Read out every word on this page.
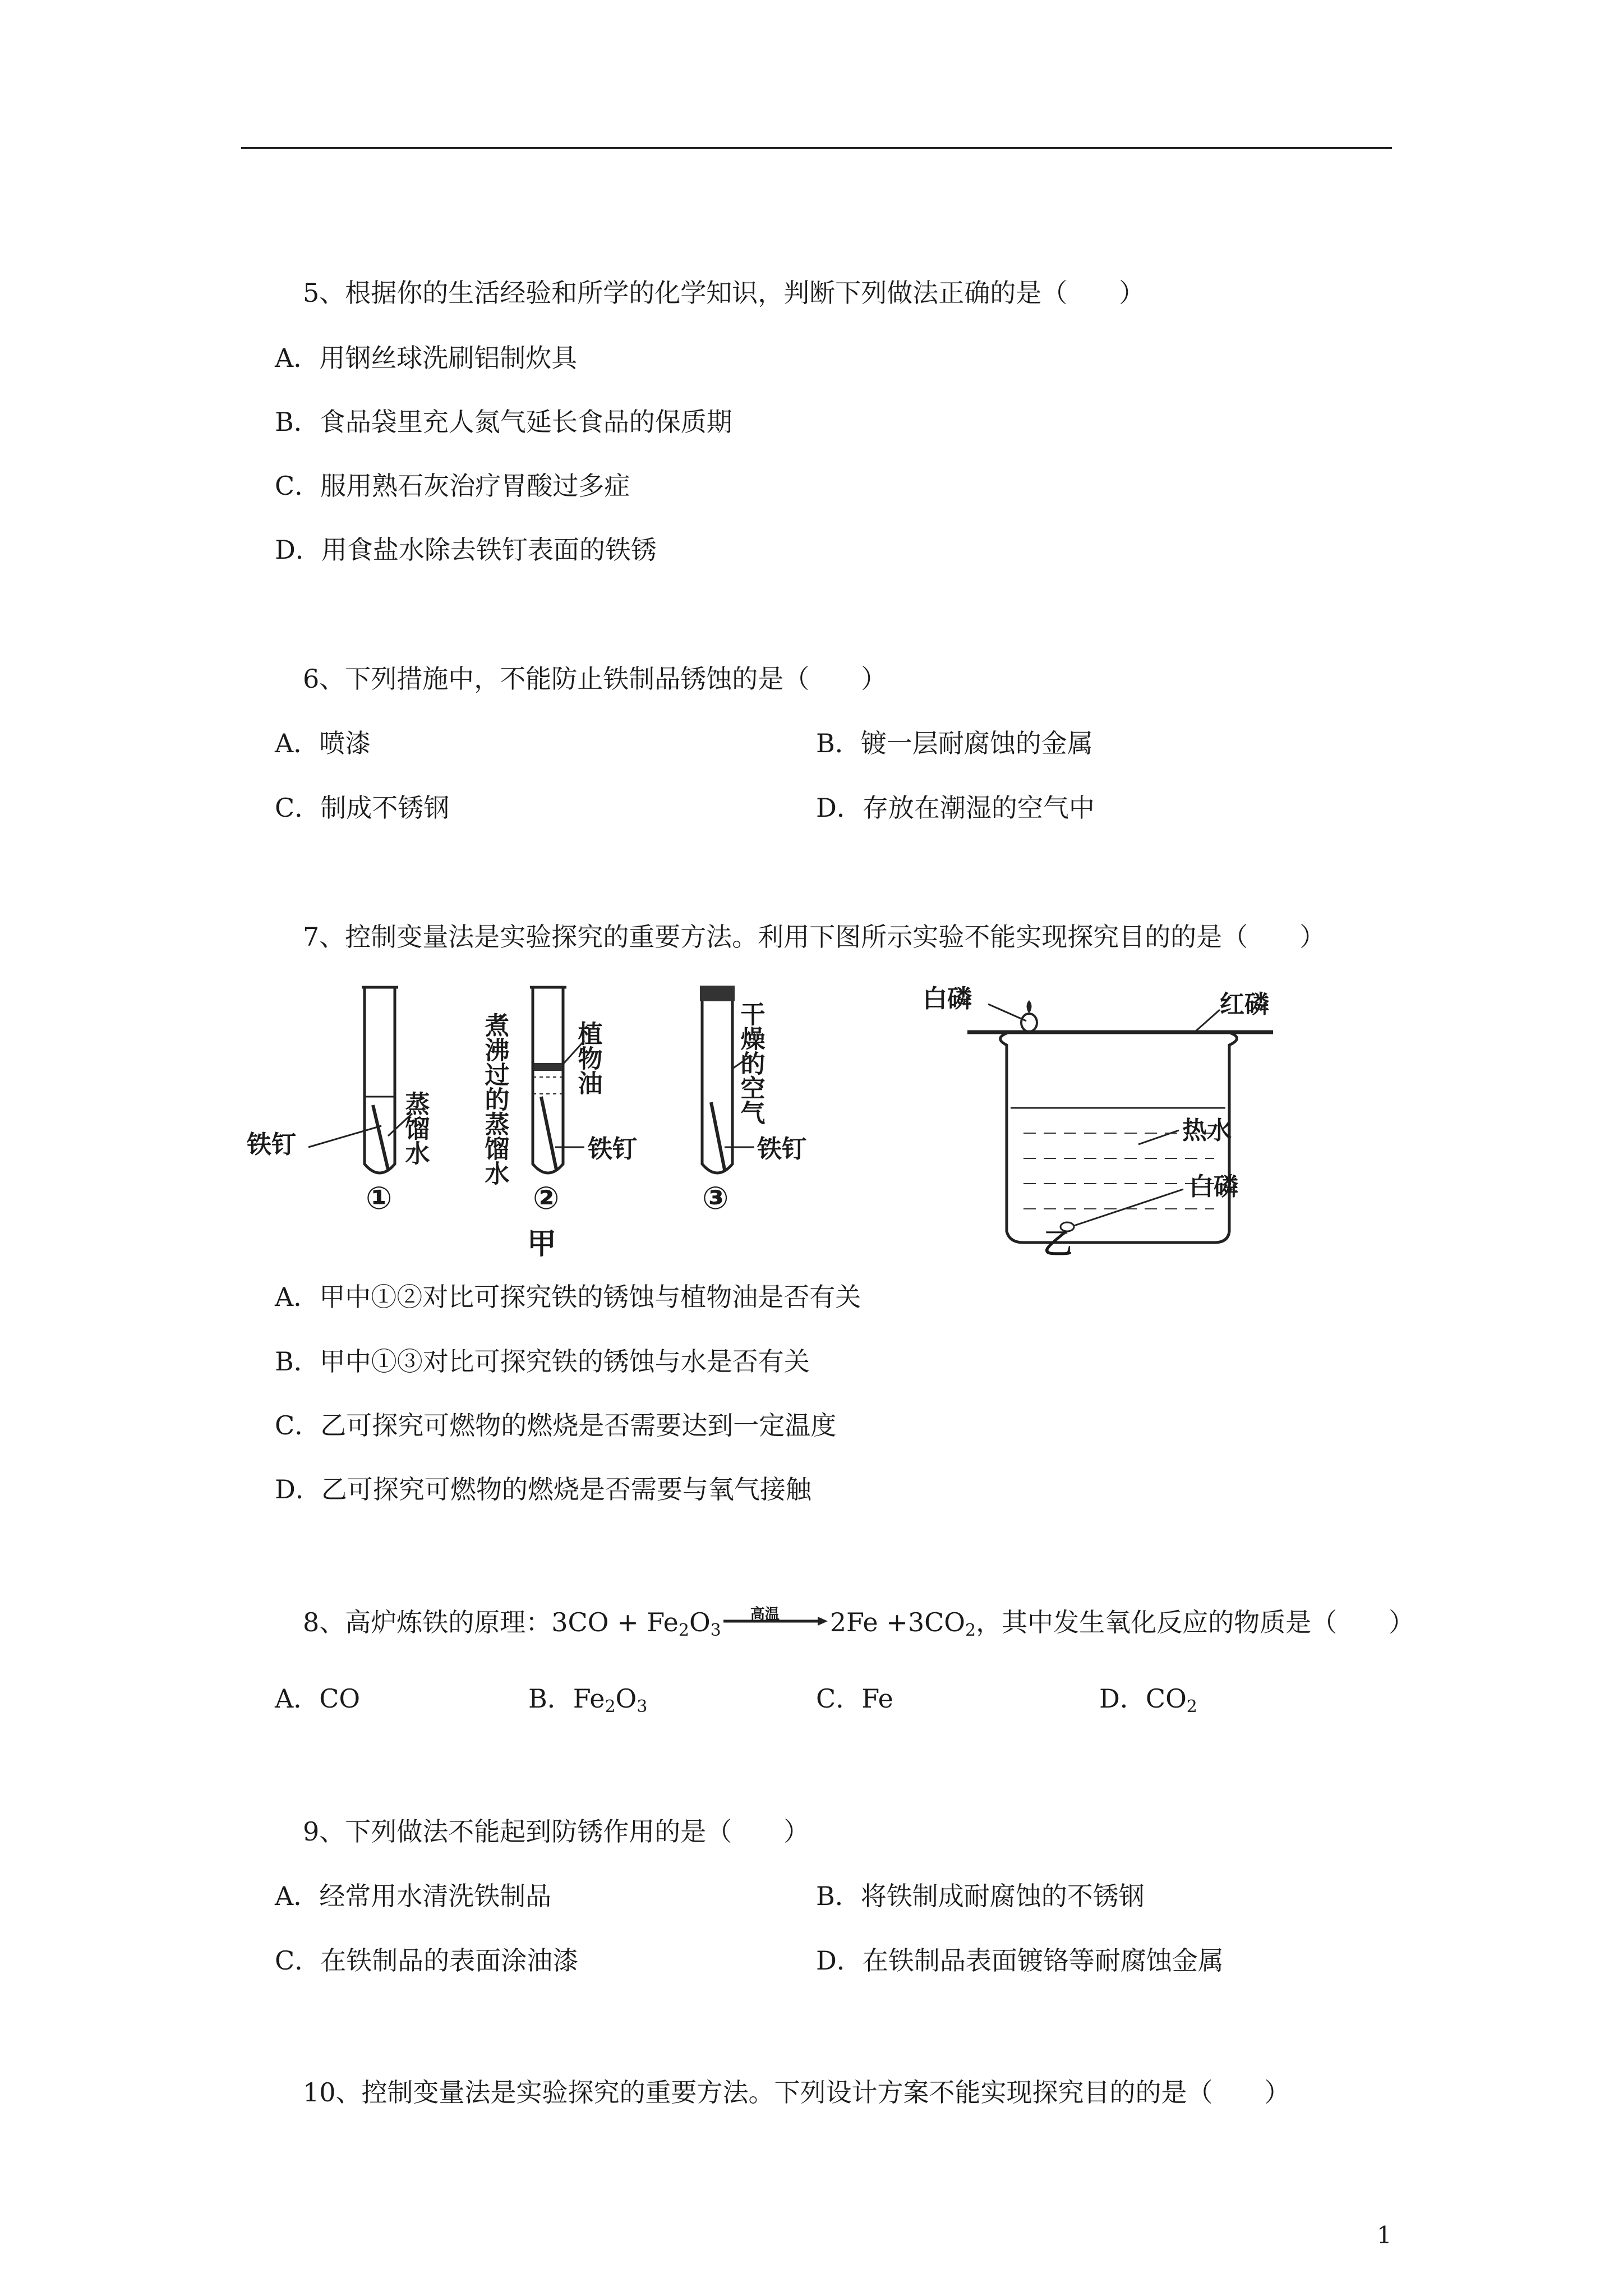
5、根据你的生活经验和所学的化学知识，判断下列做法正确的是（　　）
A．用钢丝球洗刷铝制炊具
B．食品袋里充人氮气延长食品的保质期
C．服用熟石灰治疗胃酸过多症
D．用食盐水除去铁钉表面的铁锈
6、下列措施中，不能防止铁制品锈蚀的是（　　）
A．喷漆	B．镀一层耐腐蚀的金属
C．制成不锈钢	D．存放在潮湿的空气中
7、控制变量法是实验探究的重要方法。利用下图所示实验不能实现探究目的的是（　　）
铁钉	蒸馏水
①
煮沸过的蒸馏水	植物油
铁钉
②
甲
干燥的空气
铁钉
③
白磷	红磷
热水
白磷
乙
A．甲中①②对比可探究铁的锈蚀与植物油是否有关
B．甲中①③对比可探究铁的锈蚀与水是否有关
C．乙可探究可燃物的燃烧是否需要达到一定温度
D．乙可探究可燃物的燃烧是否需要与氧气接触
8、高炉炼铁的原理：$3CO + Fe_2O_3$
高温 $2Fe +3CO_2$，其中发生氧化反应的物质是（　　）
A．CO	B．$Fe_2O_3$	C．Fe	D．$CO_2$
9、下列做法不能起到防锈作用的是（　　）
A．经常用水清洗铁制品	B．将铁制成耐腐蚀的不锈钢
C．在铁制品的表面涂油漆	D．在铁制品表面镀铬等耐腐蚀金属
10、控制变量法是实验探究的重要方法。下列设计方案不能实现探究目的的是（　　）
1
